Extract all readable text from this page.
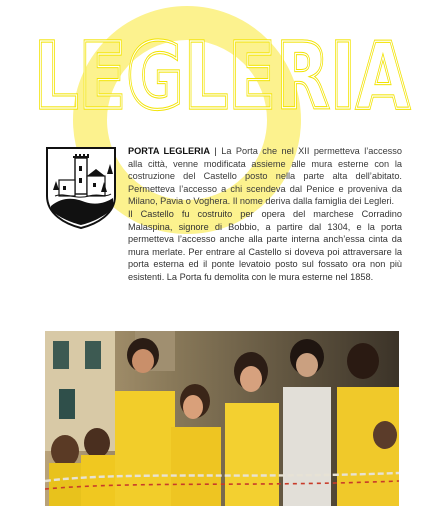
LEGLERIA
LEGLERIA

PORTA LEGLERIA | La Porta che nel XII permetteva l’accesso alla città, venne modificata assieme alle mura esterne con la costruzione del Castello posto nella parte alta dell’abitato. Permetteva l’accesso a chi scendeva dal Penice e proveniva da Milano, Pavia o Voghera. Il nome deriva dalla famiglia dei Legleri.

Il Castello fu costruito per opera del marchese Corradino Malaspina, signore di Bobbio, a partire dal 1304, e la porta permetteva l’accesso anche alla parte interna anch’essa cinta da mura merlate. Per entrare al Castello si doveva poi attraversare la porta esterna ed il ponte levatoio posto sul fossato ora non più esistenti. La Porta fu demolita con le mura esterne nel 1858.
